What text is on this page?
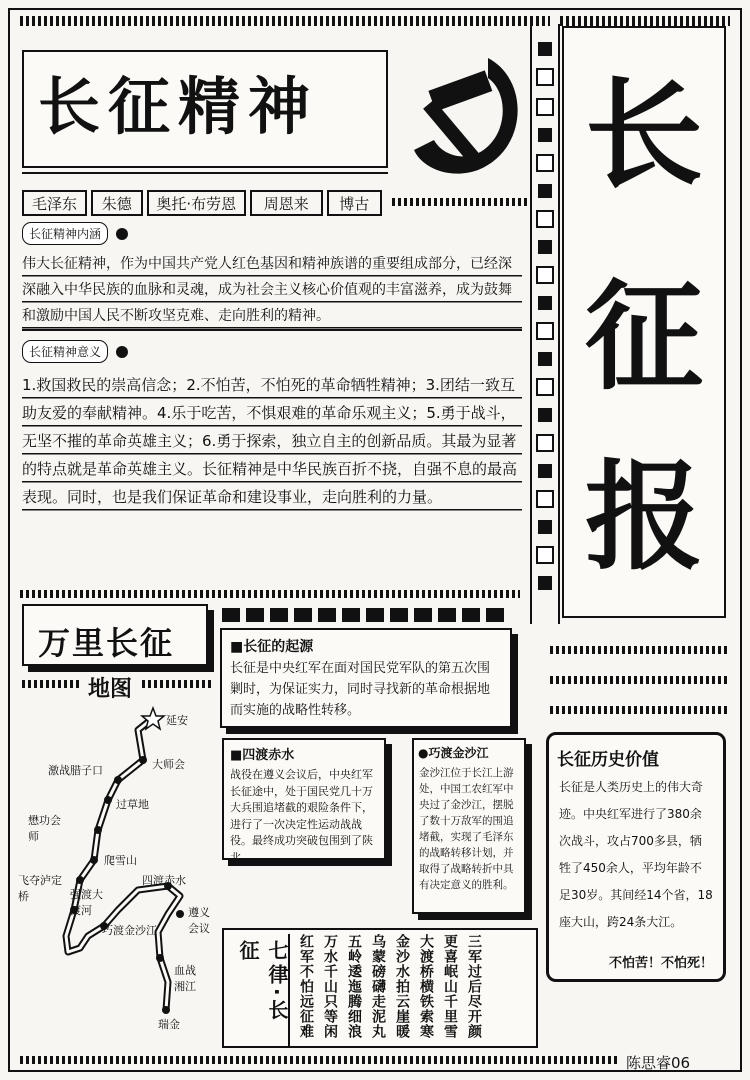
长征精神
毛泽东	朱德	奥托·布劳恩	周恩来	博古 长
征
报
长征精神内涵
伟大长征精神，作为中国共产党人红色基因和精神族谱的重要组成部分，已经深深融入中华民族的血脉和灵魂，成为社会主义核心价值观的丰富滋养，成为鼓舞和激励中国人民不断攻坚克难、走向胜利的精神。
长征精神意义
1.救国救民的崇高信念；2.不怕苦，不怕死的革命牺牲精神；3.团结一致互助友爱的奉献精神。4.乐于吃苦，不惧艰难的革命乐观主义；5.勇于战斗，无坚不摧的革命英雄主义；6.勇于探索，独立自主的创新品质。其最为显著的特点就是革命英雄主义。长征精神是中华民族百折不挠，自强不息的最高表现。同时，也是我们保证革命和建设事业，走向胜利的力量。
万里长征
地图
延安
大师会
激战腊子口
过草地
懋功会师
爬雪山
飞夺泸定桥	强渡大渡河
四渡赤水
巧渡金沙江
遵义会议
血战湘江
瑞金
■长征的起源
长征是中央红军在面对国民党军队的第五次围剿时，为保证实力，同时寻找新的革命根据地而实施的战略性转移。
■四渡赤水
战役在遵义会议后，中央红军长征途中，处于国民党几十万大兵围追堵截的艰险条件下，进行了一次决定性运动战战役。最终成功突破包围到了陕北。
●巧渡金沙江
金沙江位于长江上游处，中国工农红军中央过了金沙江，摆脱了数十万敌军的围追堵截，实现了毛泽东的战略转移计划，并取得了战略转折中具有决定意义的胜利。
长征历史价值
长征是人类历史上的伟大奇迹。中央红军进行了380余次战斗，攻占700多县，牺牲了450余人，平均年龄不足30岁。其间经14个省，18座大山，跨24条大江。
不怕苦！不怕死！
七律·长征	三军过后尽开颜
更喜岷山千里雪
大渡桥横铁索寒
金沙水拍云崖暖
乌蒙磅礴走泥丸
五岭逶迤腾细浪
万水千山只等闲
红军不怕远征难
陈思睿06
